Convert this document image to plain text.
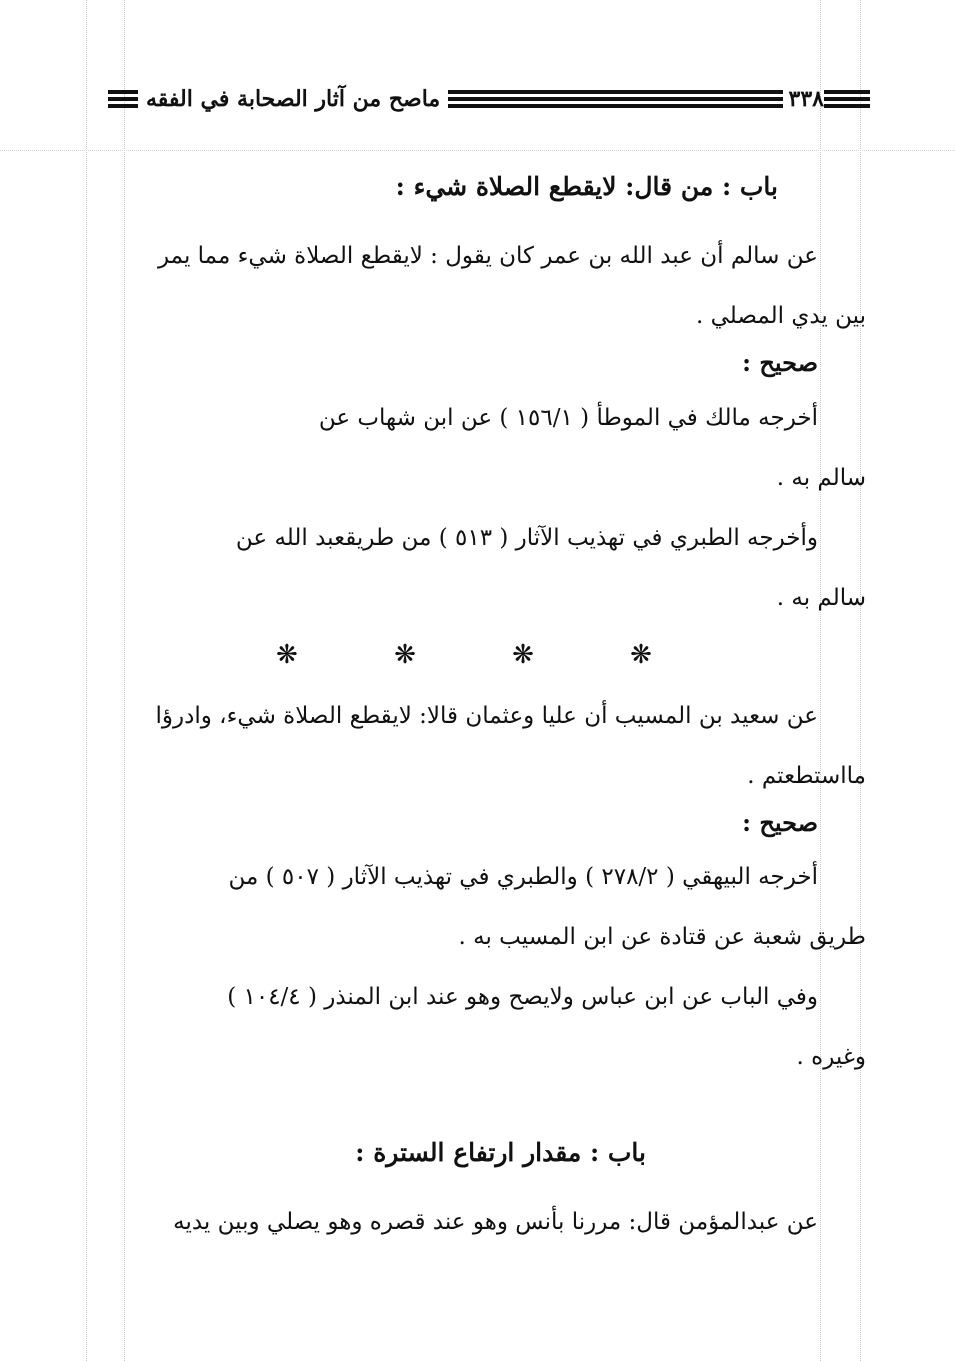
٣٣٨
ماصح من آثار الصحابة في الفقه
باب : من قال: لايقطع الصلاة شيء :

عن سالم أن عبد الله بن عمر كان يقول : لايقطع الصلاة شيء مما يمر
بين يدي المصلي .

صحيح :

أخرجه مالك في الموطأ ( ١٥٦/١ ) عن ابن شهاب عن
سالم به .

وأخرجه الطبري في تهذيب الآثار ( ٥١٣ ) من طريقعبد الله عن
سالم به .

❋ ❋ ❋ ❋

عن سعيد بن المسيب أن عليا وعثمان قالا: لايقطع الصلاة شيء، وادرؤا
مااستطعتم .

صحيح :

أخرجه البيهقي ( ٢٧٨/٢ ) والطبري في تهذيب الآثار ( ٥٠٧ ) من
طريق شعبة عن قتادة عن ابن المسيب به .

وفي الباب عن ابن عباس ولايصح وهو عند ابن المنذر ( ١٠٤/٤ )
وغيره .

باب : مقدار ارتفاع السترة :

عن عبدالمؤمن قال: مررنا بأنس وهو عند قصره وهو يصلي وبين يديه
